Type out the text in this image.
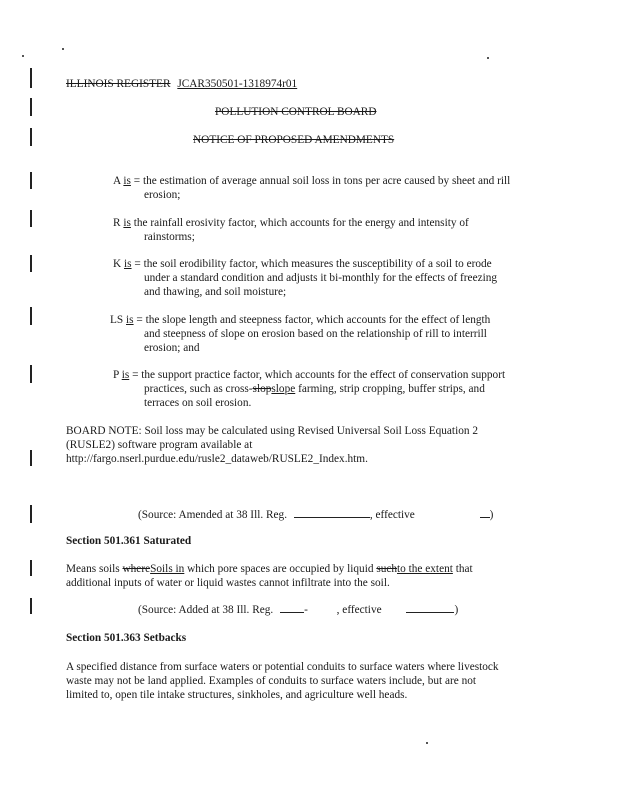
ILLINOIS REGISTER JCAR350501-1318974r01
POLLUTION CONTROL BOARD
NOTICE OF PROPOSED AMENDMENTS
A is = the estimation of average annual soil loss in tons per acre caused by sheet and rill
erosion;
R is the rainfall erosivity factor, which accounts for the energy and intensity of
rainstorms;
K is = the soil erodibility factor, which measures the susceptibility of a soil to erode
under a standard condition and adjusts it bi-monthly for the effects of freezing
and thawing, and soil moisture;
LS is = the slope length and steepness factor, which accounts for the effect of length
and steepness of slope on erosion based on the relationship of rill to interrill
erosion; and
P is = the support practice factor, which accounts for the effect of conservation support
practices, such as cross-slopslope farming, strip cropping, buffer strips, and
terraces on soil erosion.
BOARD NOTE: Soil loss may be calculated using Revised Universal Soil Loss Equation 2
(RUSLE2) software program available at
http://fargo.nserl.purdue.edu/rusle2_dataweb/RUSLE2_Index.htm.
(Source: Amended at 38 Ill. Reg.	, effective	)
Section 501.361 Saturated
Means soils whereSoils in which pore spaces are occupied by liquid suchto the extent that
additional inputs of water or liquid wastes cannot infiltrate into the soil.
(Source: Added at 38 Ill. Reg.	-	, effective	)
Section 501.363 Setbacks
A specified distance from surface waters or potential conduits to surface waters where livestock
waste may not be land applied. Examples of conduits to surface waters include, but are not
limited to, open tile intake structures, sinkholes, and agriculture well heads.
